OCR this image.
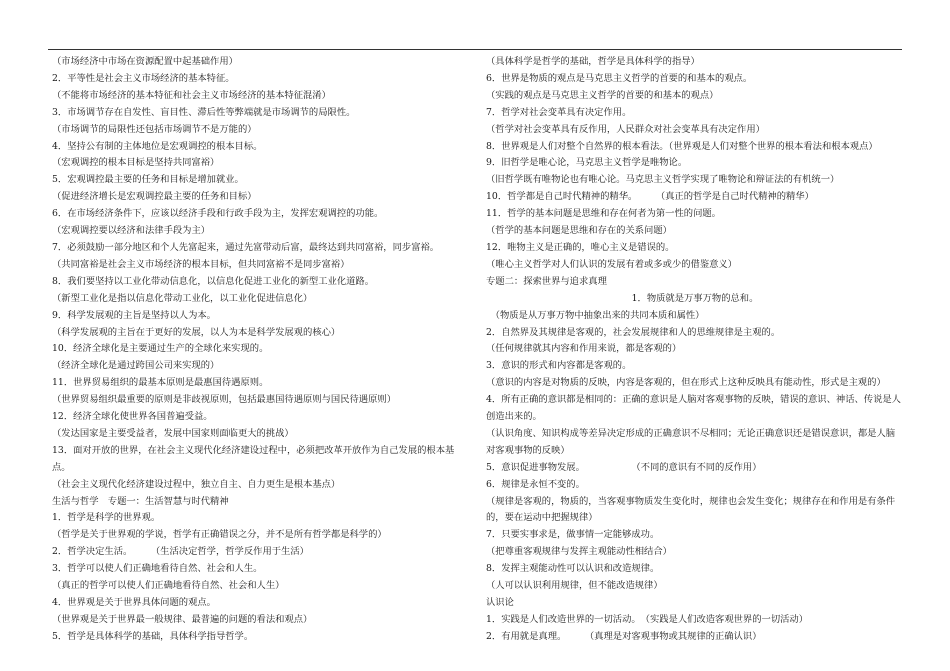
（市场经济中市场在资源配置中起基础作用）
2．平等性是社会主义市场经济的基本特征。
（不能将市场经济的基本特征和社会主义市场经济的基本特征混淆）
3．市场调节存在自发性、盲目性、滞后性等弊端就是市场调节的局限性。
（市场调节的局限性还包括市场调节不是万能的）
4．坚持公有制的主体地位是宏观调控的根本目标。
（宏观调控的根本目标是坚持共同富裕）
5．宏观调控最主要的任务和目标是增加就业。
（促进经济增长是宏观调控最主要的任务和目标）
6．在市场经济条件下，应该以经济手段和行政手段为主，发挥宏观调控的功能。
（宏观调控要以经济和法律手段为主）
7．必须鼓励一部分地区和个人先富起来，通过先富带动后富，最终达到共同富裕，同步富裕。
（共同富裕是社会主义市场经济的根本目标，但共同富裕不是同步富裕）
8．我们要坚持以工业化带动信息化，以信息化促进工业化的新型工业化道路。
（新型工业化是指以信息化带动工业化，以工业化促进信息化）
9．科学发展观的主旨是坚持以人为本。
（科学发展观的主旨在于更好的发展，以人为本是科学发展观的核心）
10．经济全球化是主要通过生产的全球化来实现的。
（经济全球化是通过跨国公司来实现的）
11．世界贸易组织的最基本原则是最惠国待遇原则。
（世界贸易组织最重要的原则是非歧视原则，包括最惠国待遇原则与国民待遇原则）
12．经济全球化使世界各国普遍受益。
（发达国家是主要受益者，发展中国家则面临更大的挑战）
13．面对开放的世界，在社会主义现代化经济建设过程中，必须把改革开放作为自己发展的根本基点。
（社会主义现代化经济建设过程中，独立自主、自力更生是根本基点）
生活与哲学　专题一：生活智慧与时代精神
1．哲学是科学的世界观。
（哲学是关于世界观的学说，哲学有正确错误之分，并不是所有哲学都是科学的）
2．哲学决定生活。　　　（生活决定哲学，哲学反作用于生活）
3．哲学可以使人们正确地看待自然、社会和人生。
（真正的哲学可以使人们正确地看待自然、社会和人生）
4．世界观是关于世界具体问题的观点。
（世界观是关于世界最一般规律、最普遍的问题的看法和观点）
5．哲学是具体科学的基础，具体科学指导哲学。
（具体科学是哲学的基础，哲学是具体科学的指导）
6．世界是物质的观点是马克思主义哲学的首要的和基本的观点。
（实践的观点是马克思主义哲学的首要的和基本的观点）
7．哲学对社会变革具有决定作用。
（哲学对社会变革具有反作用，人民群众对社会变革具有决定作用）
8．世界观是人们对整个自然界的根本看法。（世界观是人们对整个世界的根本看法和根本观点）
9．旧哲学是唯心论，马克思主义哲学是唯物论。
（旧哲学既有唯物论也有唯心论。马克思主义哲学实现了唯物论和辩证法的有机统一）
10．哲学都是自己时代精神的精华。　　　（真正的哲学是自己时代精神的精华）
11．哲学的基本问题是思维和存在何者为第一性的问题。
（哲学的基本问题是思维和存在的关系问题）
12．唯物主义是正确的，唯心主义是错误的。
（唯心主义哲学对人们认识的发展有着或多或少的借鉴意义）
专题二：探索世界与追求真理
1．物质就是万事万物的总和。
　（物质是从万事万物中抽象出来的共同本质和属性）
2．自然界及其规律是客观的，社会发展规律和人的思维规律是主观的。
（任何规律就其内容和作用来说，都是客观的）
3．意识的形式和内容都是客观的。
（意识的内容是对物质的反映，内容是客观的，但在形式上这种反映具有能动性，形式是主观的）
4．所有正确的意识都是相同的：正确的意识是人脑对客观事物的反映，错误的意识、神话、传说是人创造出来的。
（认识角度、知识构成等差异决定形成的正确意识不尽相同；无论正确意识还是错误意识，都是人脑对客观事物的反映）
5．意识促进事物发展。　　　　　　（不同的意识有不同的反作用）
6．规律是永恒不变的。
（规律是客观的，物质的，当客观事物质发生变化时，规律也会发生变化；规律存在和作用是有条件的，要在运动中把握规律）
7．只要实事求是，做事情一定能够成功。
（把尊重客观规律与发挥主观能动性相结合）
8．发挥主观能动性可以认识和改造规律。
（人可以认识利用规律，但不能改造规律）
认识论
1．实践是人们改造世界的一切活动。　（实践是人们改造客观世界的一切活动）
2．有用就是真理。　　　（真理是对客观事物或其规律的正确认识）
